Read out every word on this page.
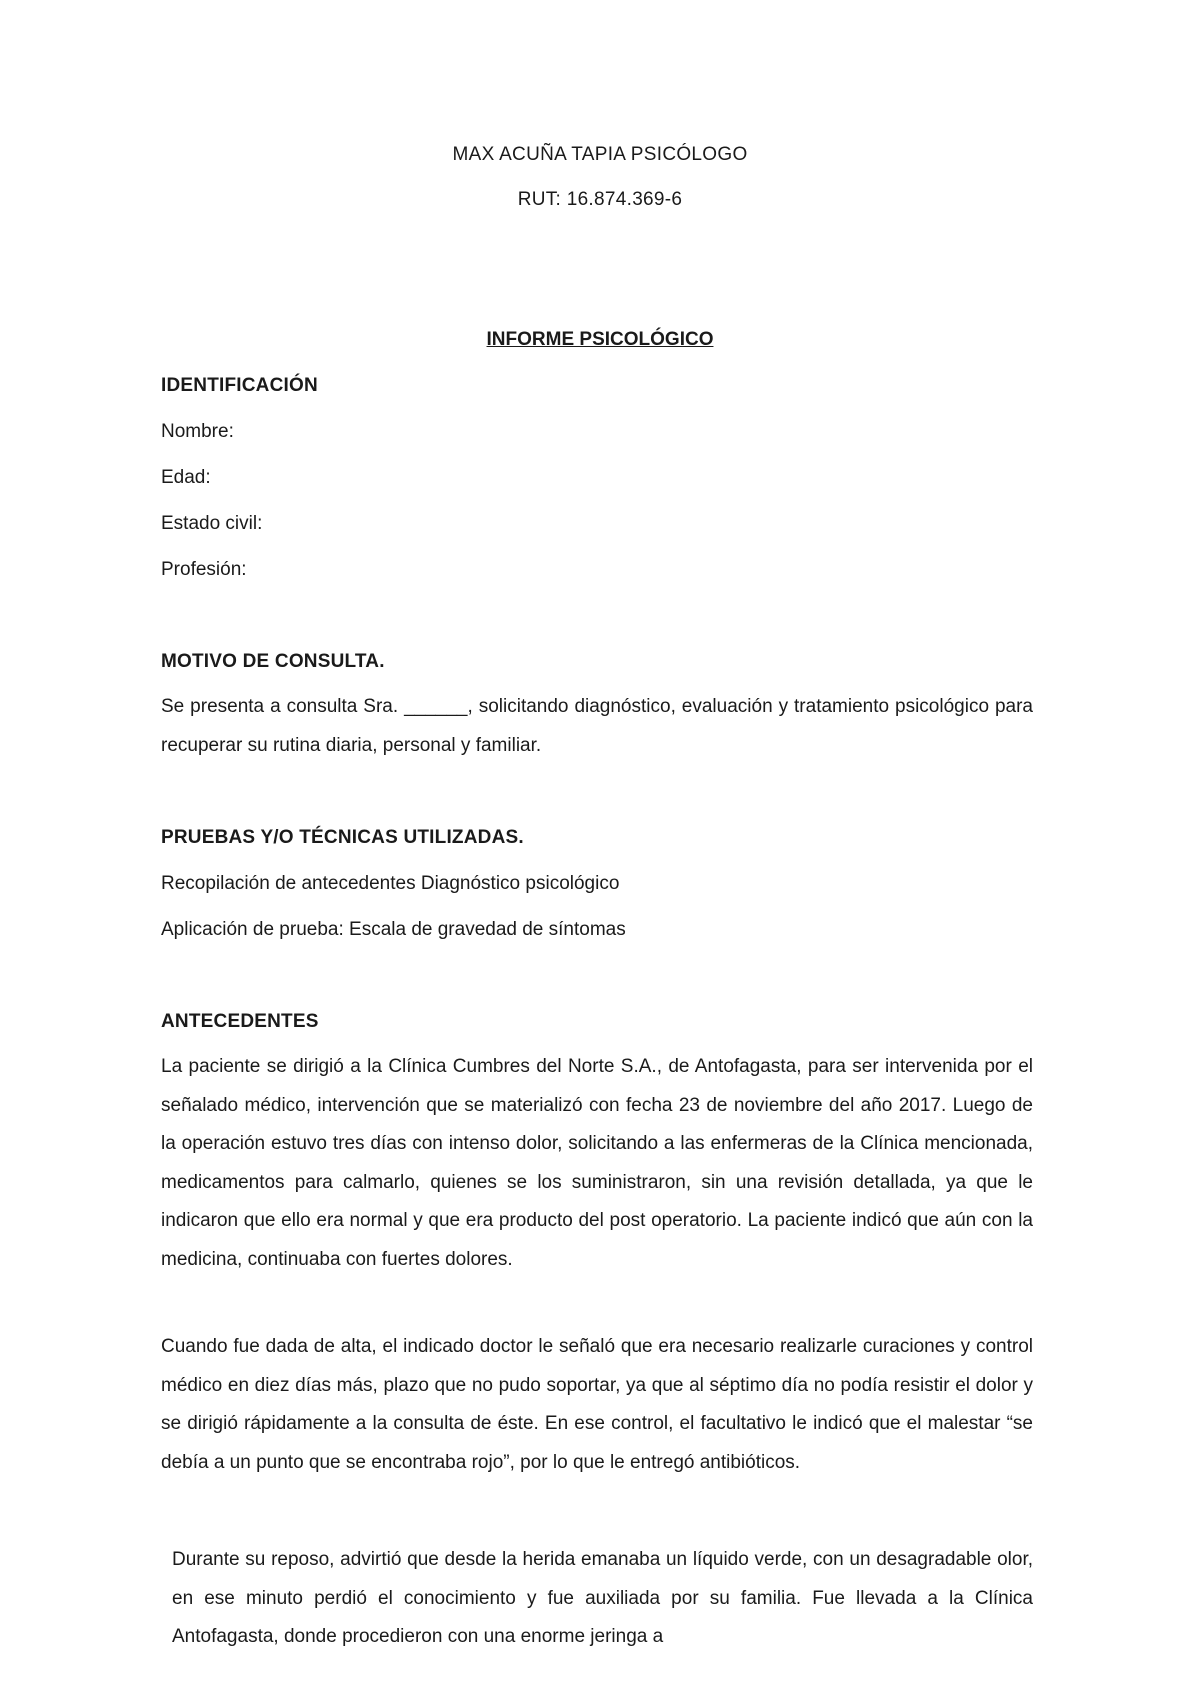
MAX ACUÑA TAPIA PSICÓLOGO

RUT: 16.874.369-6

INFORME PSICOLÓGICO

IDENTIFICACIÓN

Nombre:

Edad:

Estado civil:

Profesión:

MOTIVO DE CONSULTA.

Se presenta a consulta Sra. ______, solicitando diagnóstico, evaluación y tratamiento psicológico para recuperar su rutina diaria, personal y familiar.

PRUEBAS Y/O TÉCNICAS UTILIZADAS.

Recopilación de antecedentes Diagnóstico psicológico

Aplicación de prueba: Escala de gravedad de síntomas

ANTECEDENTES

La paciente se dirigió a la Clínica Cumbres del Norte S.A., de Antofagasta, para ser intervenida por el señalado médico, intervención que se materializó con fecha 23 de noviembre del año 2017. Luego de la operación estuvo tres días con intenso dolor, solicitando a las enfermeras de la Clínica mencionada, medicamentos para calmarlo, quienes se los suministraron, sin una revisión detallada, ya que le indicaron que ello era normal y que era producto del post operatorio. La paciente indicó que aún con la medicina, continuaba con fuertes dolores.

Cuando fue dada de alta, el indicado doctor le señaló que era necesario realizarle curaciones y control médico en diez días más, plazo que no pudo soportar, ya que al séptimo día no podía resistir el dolor y se dirigió rápidamente a la consulta de éste. En ese control, el facultativo le indicó que el malestar “se debía a un punto que se encontraba rojo”, por lo que le entregó antibióticos.

Durante su reposo, advirtió que desde la herida emanaba un líquido verde, con un desagradable olor, en ese minuto perdió el conocimiento y fue auxiliada por su familia. Fue llevada a la Clínica Antofagasta, donde procedieron con una enorme jeringa a
